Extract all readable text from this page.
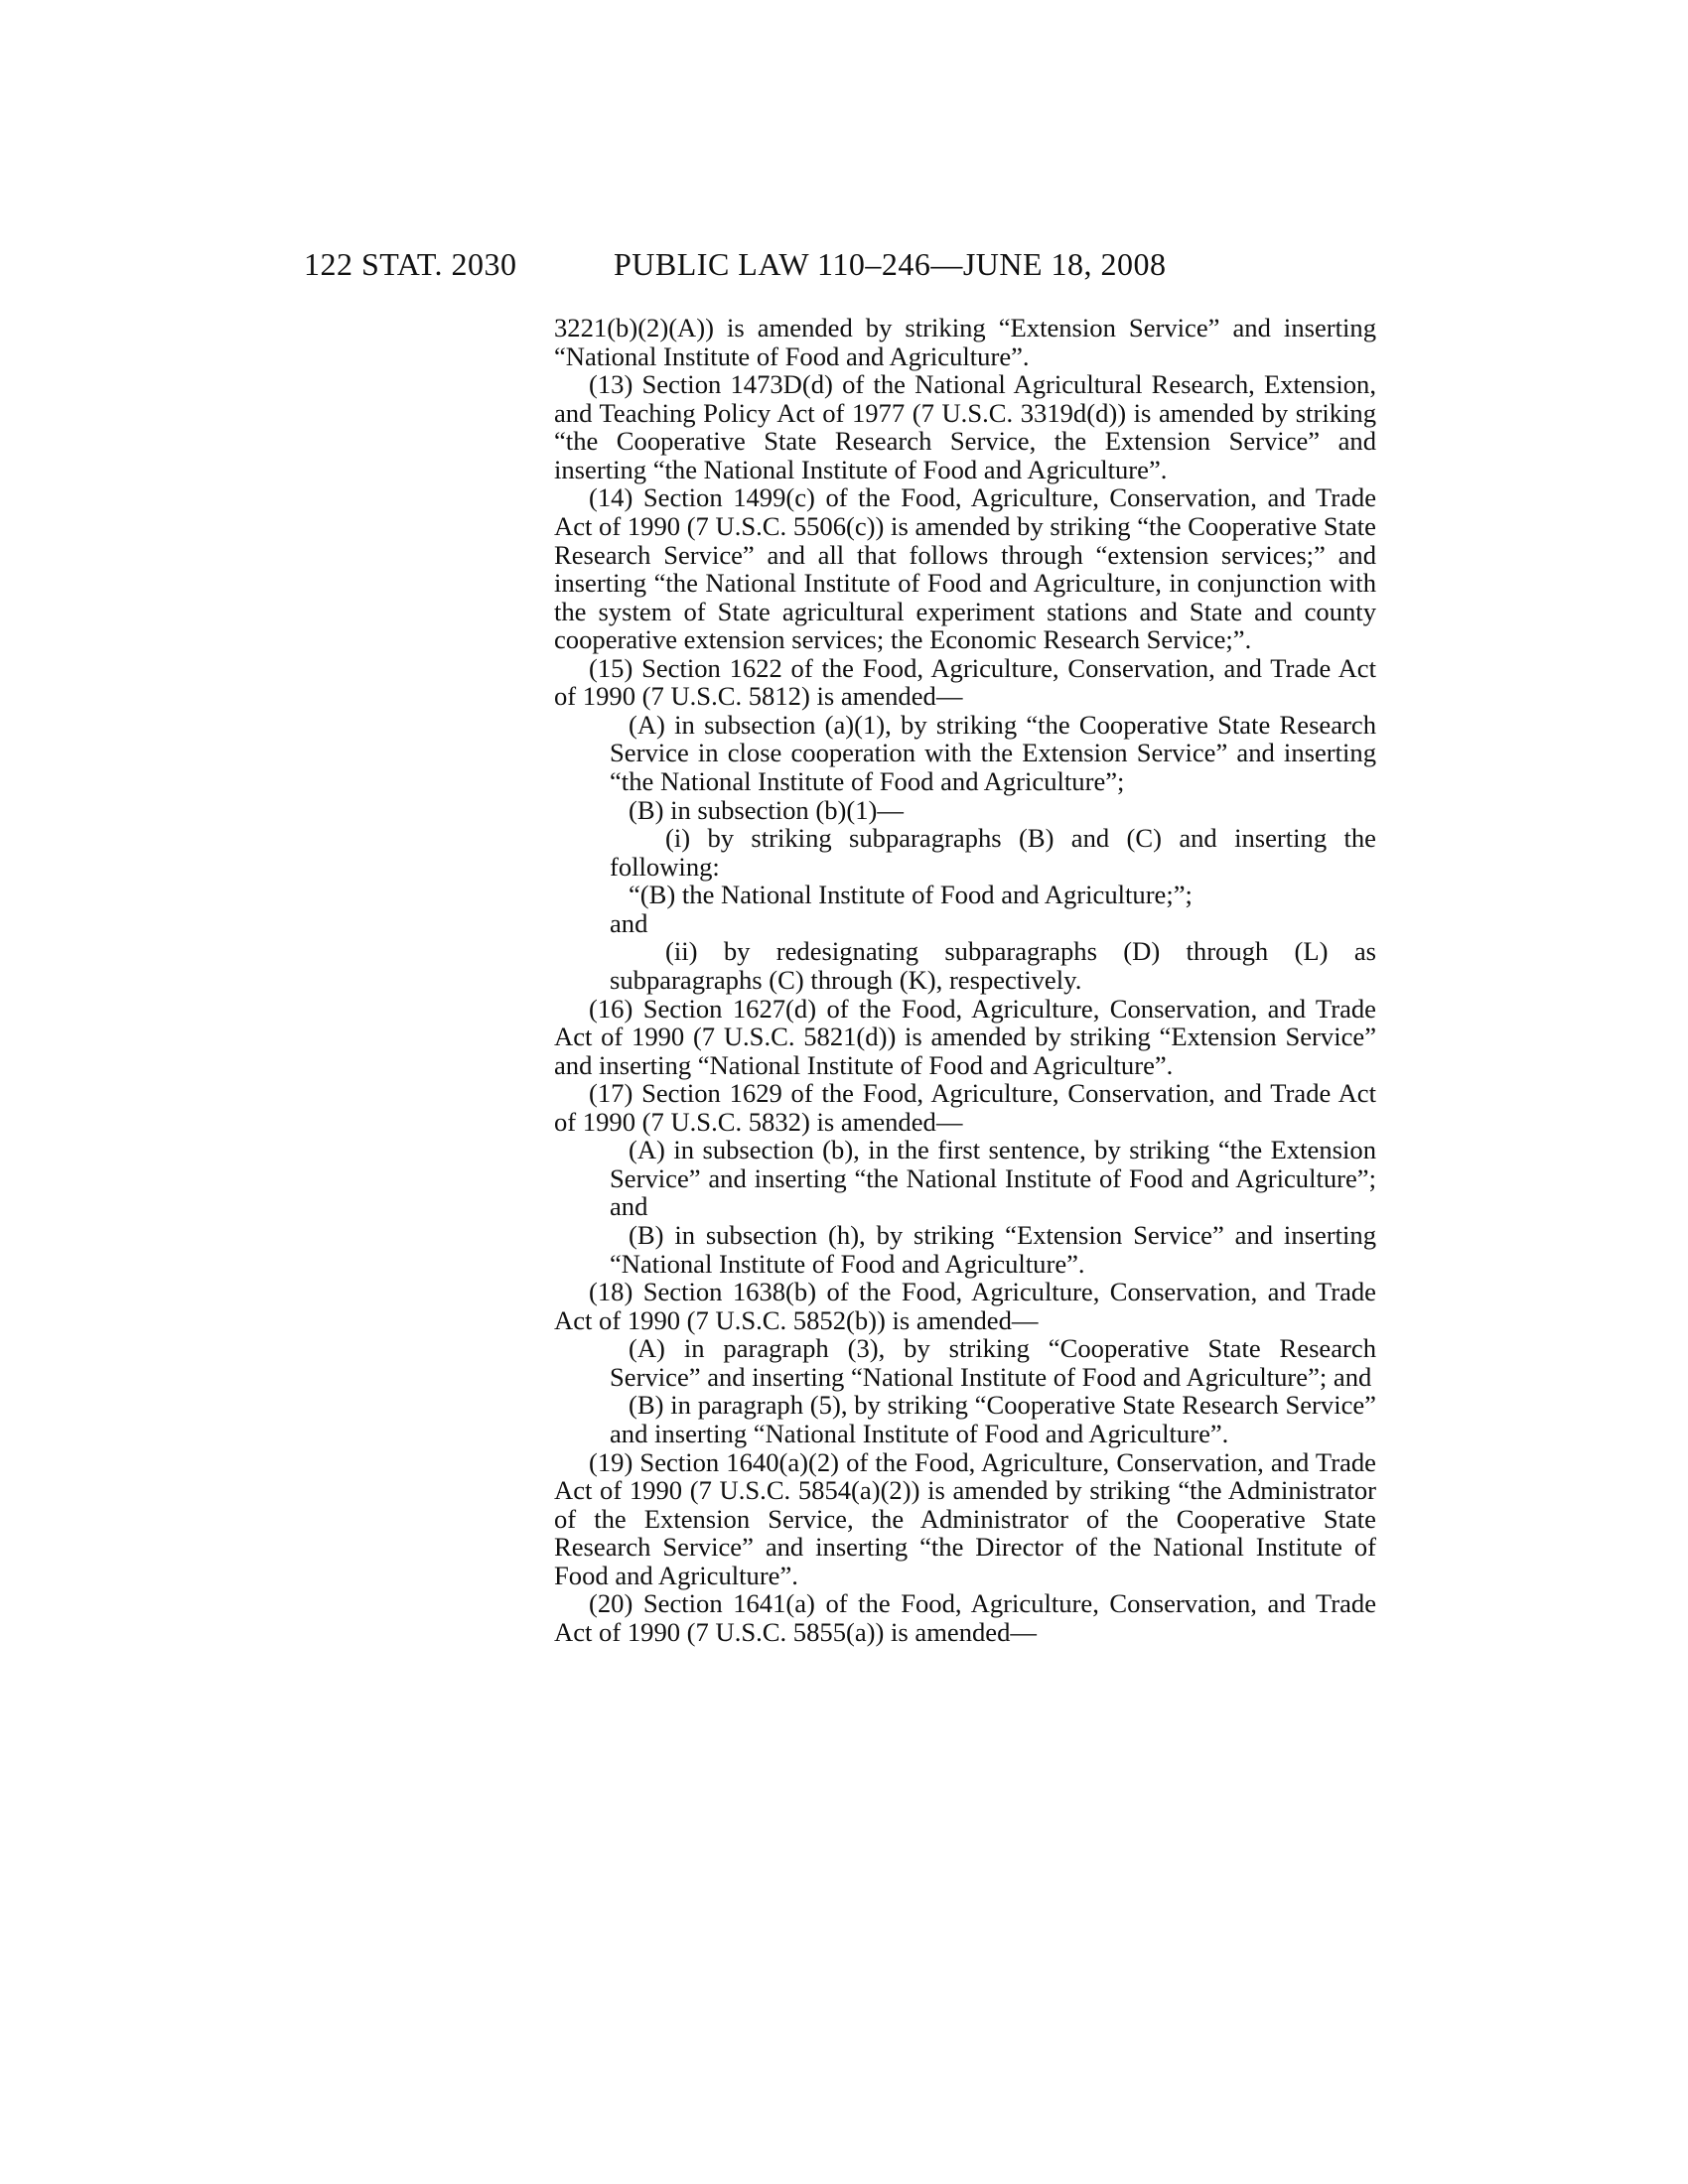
122 STAT. 2030	PUBLIC LAW 110–246—JUNE 18, 2008

3221(b)(2)(A)) is amended by striking “Extension Service” and inserting “National Institute of Food and Agriculture”.

(13) Section 1473D(d) of the National Agricultural Research, Extension, and Teaching Policy Act of 1977 (7 U.S.C. 3319d(d)) is amended by striking “the Cooperative State Research Service, the Extension Service” and inserting “the National Institute of Food and Agriculture”.

(14) Section 1499(c) of the Food, Agriculture, Conservation, and Trade Act of 1990 (7 U.S.C. 5506(c)) is amended by striking “the Cooperative State Research Service” and all that follows through “extension services;” and inserting “the National Institute of Food and Agriculture, in conjunction with the system of State agricultural experiment stations and State and county cooperative extension services; the Economic Research Service;”.

(15) Section 1622 of the Food, Agriculture, Conservation, and Trade Act of 1990 (7 U.S.C. 5812) is amended—

(A) in subsection (a)(1), by striking “the Cooperative State Research Service in close cooperation with the Extension Service” and inserting “the National Institute of Food and Agriculture”;

(B) in subsection (b)(1)—

(i) by striking subparagraphs (B) and (C) and inserting the following:

“(B) the National Institute of Food and Agriculture;”;

and

(ii) by redesignating subparagraphs (D) through (L) as subparagraphs (C) through (K), respectively.

(16) Section 1627(d) of the Food, Agriculture, Conservation, and Trade Act of 1990 (7 U.S.C. 5821(d)) is amended by striking “Extension Service” and inserting “National Institute of Food and Agriculture”.

(17) Section 1629 of the Food, Agriculture, Conservation, and Trade Act of 1990 (7 U.S.C. 5832) is amended—

(A) in subsection (b), in the first sentence, by striking “the Extension Service” and inserting “the National Institute of Food and Agriculture”; and

(B) in subsection (h), by striking “Extension Service” and inserting “National Institute of Food and Agriculture”.

(18) Section 1638(b) of the Food, Agriculture, Conservation, and Trade Act of 1990 (7 U.S.C. 5852(b)) is amended—

(A) in paragraph (3), by striking “Cooperative State Research Service” and inserting “National Institute of Food and Agriculture”; and

(B) in paragraph (5), by striking “Cooperative State Research Service” and inserting “National Institute of Food and Agriculture”.

(19) Section 1640(a)(2) of the Food, Agriculture, Conservation, and Trade Act of 1990 (7 U.S.C. 5854(a)(2)) is amended by striking “the Administrator of the Extension Service, the Administrator of the Cooperative State Research Service” and inserting “the Director of the National Institute of Food and Agriculture”.

(20) Section 1641(a) of the Food, Agriculture, Conservation, and Trade Act of 1990 (7 U.S.C. 5855(a)) is amended—
